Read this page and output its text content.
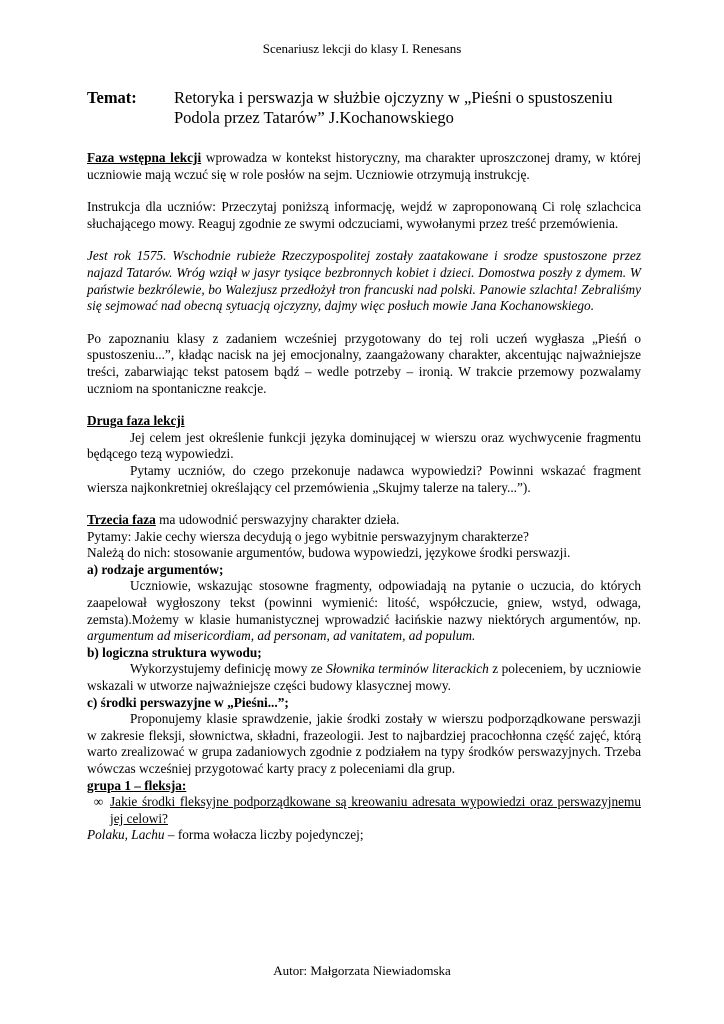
Scenariusz lekcji do klasy I. Renesans
Temat:	Retoryka i perswazja w służbie ojczyzny w „Pieśni o spustoszeniu Podola przez Tatarów” J.Kochanowskiego

Faza wstępna lekcji wprowadza w kontekst historyczny, ma charakter uproszczonej dramy, w której uczniowie mają wczuć się w role posłów na sejm. Uczniowie otrzymują instrukcję.

Instrukcja dla uczniów: Przeczytaj poniższą informację, wejdź w zaproponowaną Ci rolę szlachcica słuchającego mowy. Reaguj zgodnie ze swymi odczuciami, wywołanymi przez treść przemówienia.

Jest rok 1575. Wschodnie rubieże Rzeczypospolitej zostały zaatakowane i srodze spustoszone przez najazd Tatarów. Wróg wziął w jasyr tysiące bezbronnych kobiet i dzieci. Domostwa poszły z dymem. W państwie bezkrólewie, bo Walezjusz przedłożył tron francuski nad polski. Panowie szlachta! Zebraliśmy się sejmować nad obecną sytuacją ojczyzny, dajmy więc posłuch mowie Jana Kochanowskiego.

Po zapoznaniu klasy z zadaniem wcześniej przygotowany do tej roli uczeń wygłasza „Pieśń o spustoszeniu...”, kładąc nacisk na jej emocjonalny, zaangażowany charakter, akcentując najważniejsze treści, zabarwiając tekst patosem bądź – wedle potrzeby – ironią. W trakcie przemowy pozwalamy uczniom na spontaniczne reakcje.

Druga faza lekcji

Jej celem jest określenie funkcji języka dominującej w wierszu oraz wychwycenie fragmentu będącego tezą wypowiedzi.

Pytamy uczniów, do czego przekonuje nadawca wypowiedzi? Powinni wskazać fragment wiersza najkonkretniej określający cel przemówienia „Skujmy talerze na talery...”).

Trzecia faza ma udowodnić perswazyjny charakter dzieła.

Pytamy: Jakie cechy wiersza decydują o jego wybitnie perswazyjnym charakterze?

Należą do nich: stosowanie argumentów, budowa wypowiedzi, językowe środki perswazji.

a) rodzaje argumentów;

Uczniowie, wskazując stosowne fragmenty, odpowiadają na pytanie o uczucia, do których zaapelował wygłoszony tekst (powinni wymienić: litość, współczucie, gniew, wstyd, odwaga, zemsta).Możemy w klasie humanistycznej wprowadzić łacińskie nazwy niektórych argumentów, np. argumentum ad misericordiam, ad personam, ad vanitatem, ad populum.

b) logiczna struktura wywodu;

Wykorzystujemy definicję mowy ze Słownika terminów literackich z poleceniem, by uczniowie wskazali w utworze najważniejsze części budowy klasycznej mowy.

c) środki perswazyjne w „Pieśni...”;

Proponujemy klasie sprawdzenie, jakie środki zostały w wierszu podporządkowane perswazji w zakresie fleksji, słownictwa, składni, frazeologii. Jest to najbardziej pracochłonna część zajęć, którą warto zrealizować w grupa zadaniowych zgodnie z podziałem na typy środków perswazyjnych. Trzeba wówczas wcześniej przygotować karty pracy z poleceniami dla grup.

grupa 1 – fleksja:

∞ Jakie środki fleksyjne podporządkowane są kreowaniu adresata wypowiedzi oraz perswazyjnemu jej celowi?

Polaku, Lachu – forma wołacza liczby pojedynczej;

Autor: Małgorzata Niewiadomska
